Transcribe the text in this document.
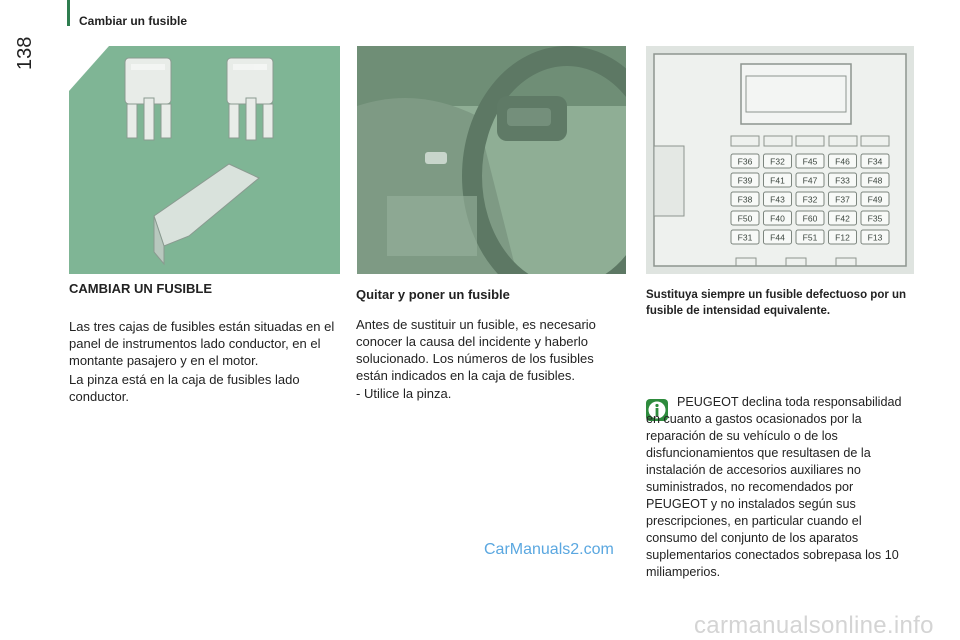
138
Cambiar un fusible
F36 F32 F45 F46 F34
F39 F41 F47 F33 F48
F38 F43 F32 F37 F49
F50 F40 F60 F42 F35
F31 F44 F51 F12 F13
CAMBIAR UN FUSIBLE

Las tres cajas de fusibles están situadas en el panel de instrumentos lado conductor, en el montante pasajero y en el motor.

La pinza está en la caja de fusibles lado conductor.

Quitar y poner un fusible

Antes de sustituir un fusible, es necesario conocer la causa del incidente y haberlo solucionado. Los números de los fusibles están indicados en la caja de fusibles.

- Utilice la pinza.

Sustituya siempre un fusible defectuoso por un fusible de intensidad equivalente.
PEUGEOT declina toda responsabilidad en cuanto a gastos ocasionados por la reparación de su vehículo o de los disfuncionamientos que resultasen de la instalación de accesorios auxiliares no suministrados, no recomendados por PEUGEOT y no instalados según sus prescripciones, en particular cuando el consumo del conjunto de los aparatos suplementarios conectados sobrepasa los 10 miliamperios.
CarManuals2.com
carmanualsonline.info
